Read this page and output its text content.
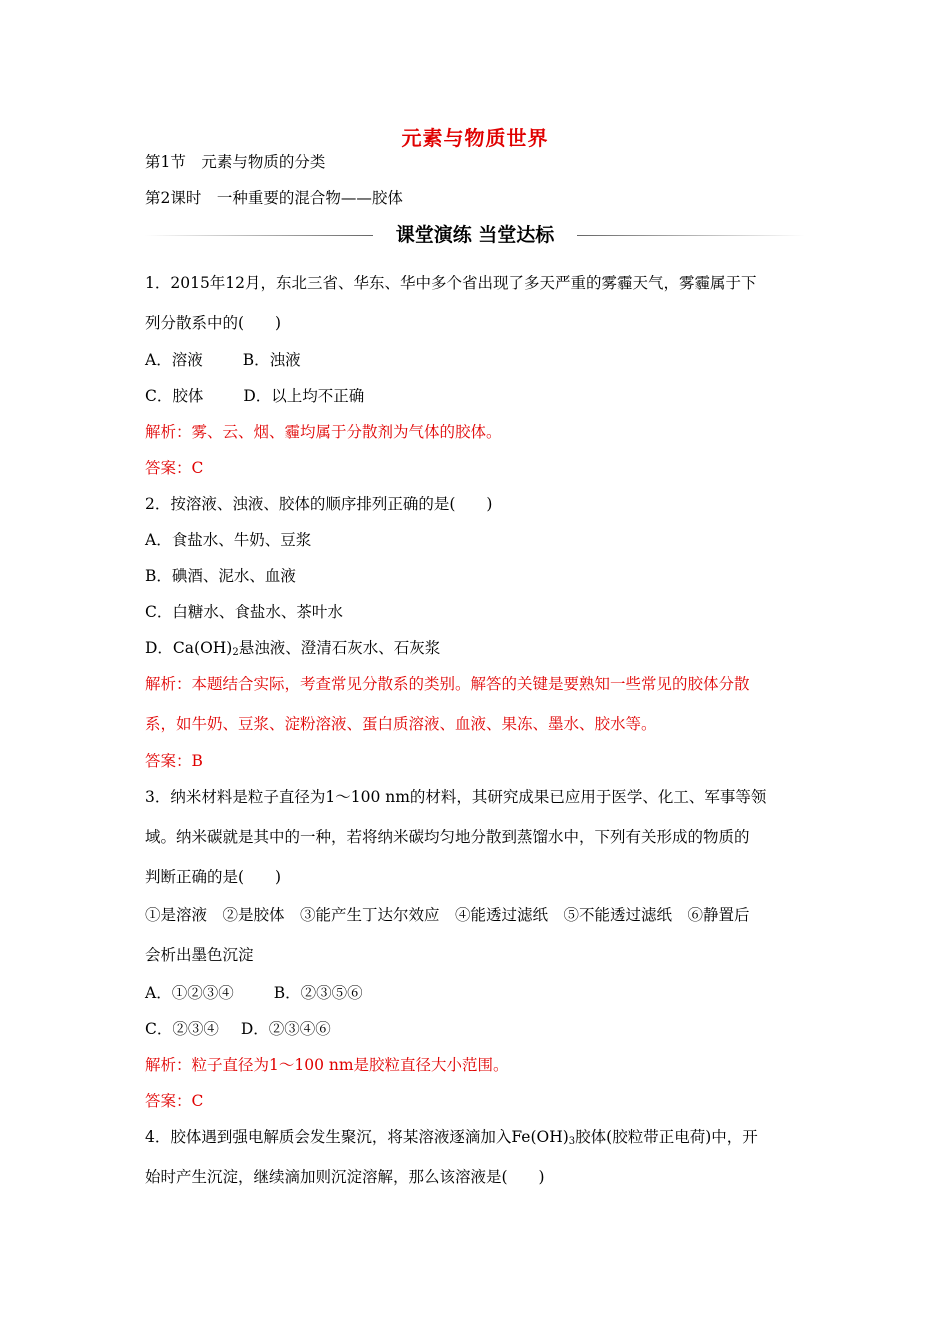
元素与物质世界
第1节　元素与物质的分类
第2课时　一种重要的混合物——胶体
课堂演练 当堂达标
1．2015年12月，东北三省、华东、华中多个省出现了多天严重的雾霾天气，雾霾属于下
列分散系中的(　　)
A．溶液	B．浊液
C．胶体	D．以上均不正确
解析：雾、云、烟、霾均属于分散剂为气体的胶体。
答案：C
2．按溶液、浊液、胶体的顺序排列正确的是(　　)
A．食盐水、牛奶、豆浆
B．碘酒、泥水、血液
C．白糖水、食盐水、茶叶水
D．$Ca(OH)_2$悬浊液、澄清石灰水、石灰浆
解析：本题结合实际，考查常见分散系的类别。解答的关键是要熟知一些常见的胶体分散
系，如牛奶、豆浆、淀粉溶液、蛋白质溶液、血液、果冻、墨水、胶水等。
答案：B
3．纳米材料是粒子直径为1～100 nm的材料，其研究成果已应用于医学、化工、军事等领
域。纳米碳就是其中的一种，若将纳米碳均匀地分散到蒸馏水中，下列有关形成的物质的
判断正确的是(　　)
①是溶液　②是胶体　③能产生丁达尔效应　④能透过滤纸　⑤不能透过滤纸　⑥静置后
会析出墨色沉淀
A．①②③④	B．②③⑤⑥
C．②③④ D．②③④⑥
解析：粒子直径为1～100 nm是胶粒直径大小范围。
答案：C
4．胶体遇到强电解质会发生聚沉，将某溶液逐滴加入$Fe(OH)_3$胶体(胶粒带正电荷)中，开
始时产生沉淀，继续滴加则沉淀溶解，那么该溶液是(　　)
